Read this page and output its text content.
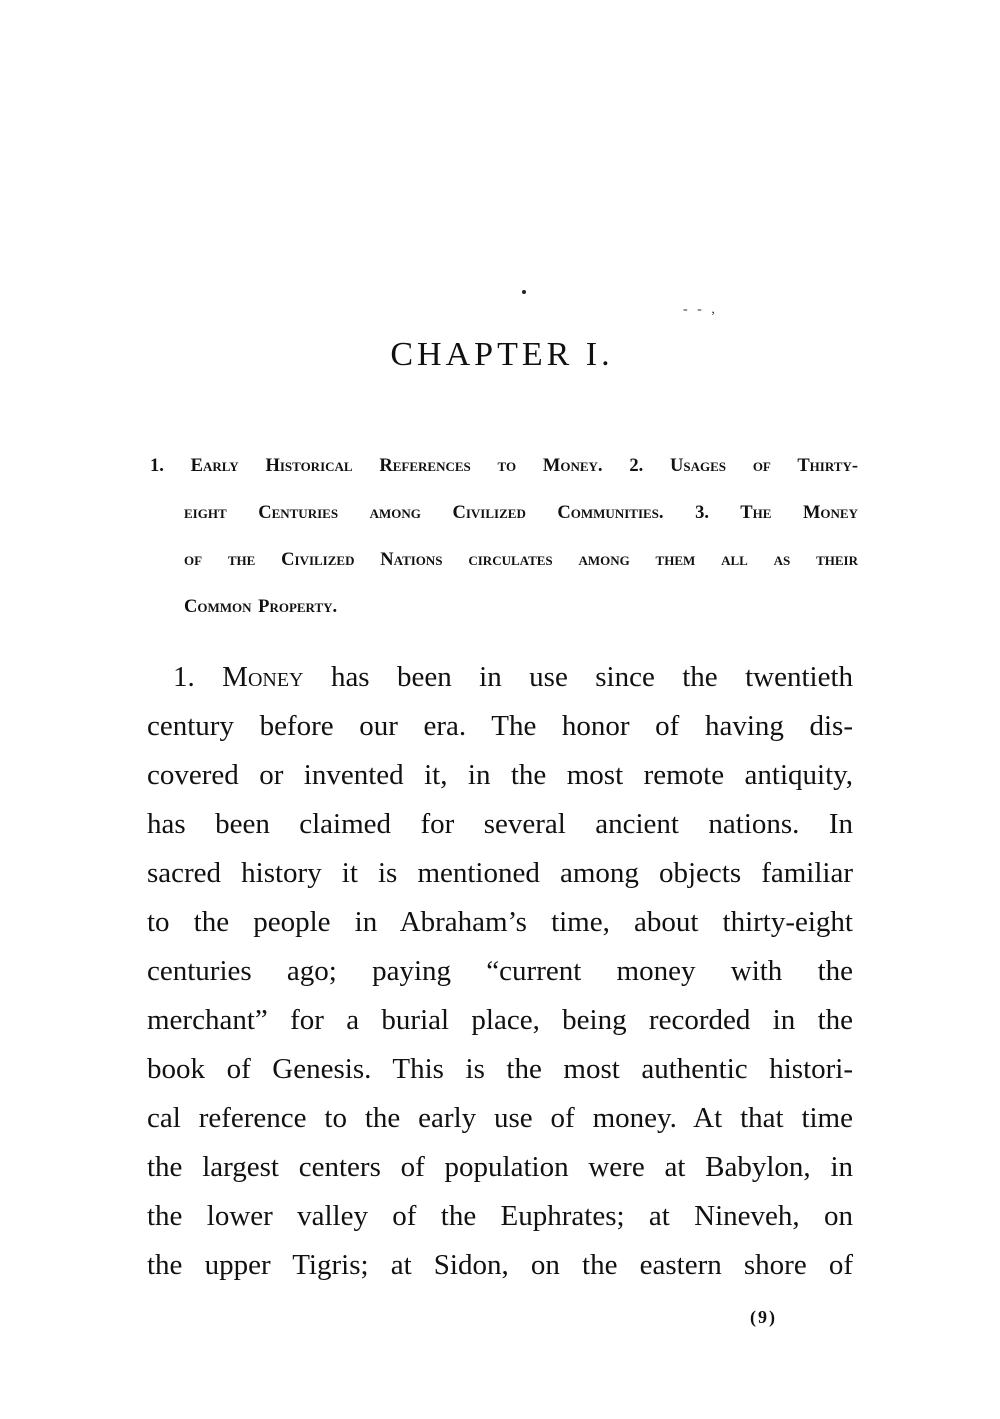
- - ,
CHAPTER I.
1. Early Historical References to Money. 2. Usages of Thirty-
eight Centuries among Civilized Communities. 3. The Money
of the Civilized Nations circulates among them all as their
Common Property.
1. Money has been in use since the twentieth
century before our era. The honor of having dis-
covered or invented it, in the most remote antiquity,
has been claimed for several ancient nations. In
sacred history it is mentioned among objects familiar
to the people in Abraham’s time, about thirty-eight
centuries ago; paying “current money with the
merchant” for a burial place, being recorded in the
book of Genesis. This is the most authentic histori-
cal reference to the early use of money. At that time
the largest centers of population were at Babylon, in
the lower valley of the Euphrates; at Nineveh, on
the upper Tigris; at Sidon, on the eastern shore of
(9)
